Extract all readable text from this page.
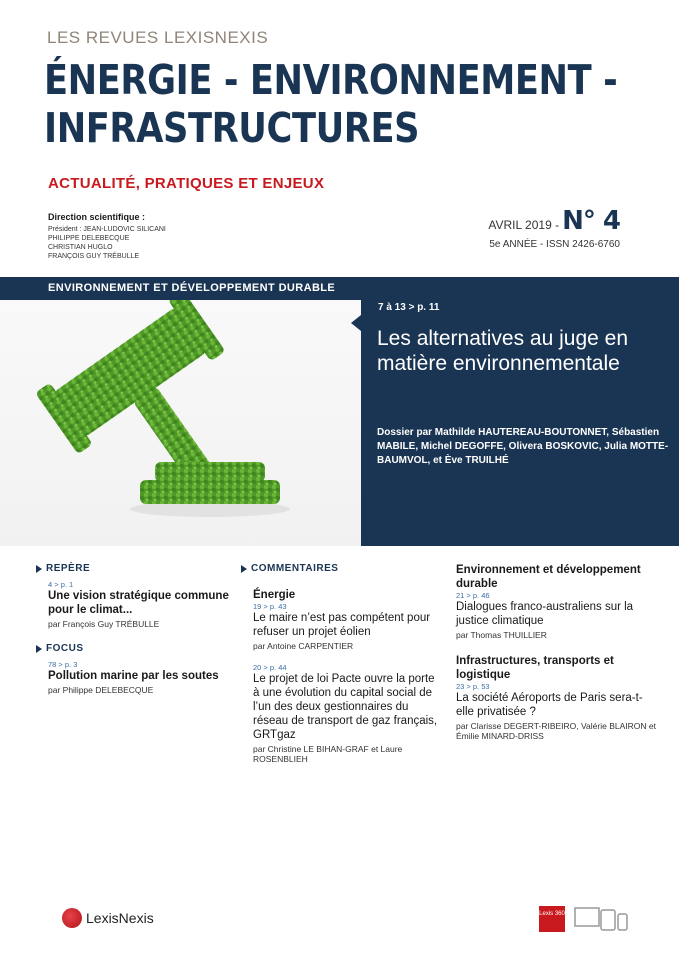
LES REVUES LEXISNEXIS
ÉNERGIE - ENVIRONNEMENT -
INFRASTRUCTURES
ACTUALITÉ, PRATIQUES ET ENJEUX
Direction scientifique :
Président : JEAN-LUDOVIC SILICANI
PHILIPPE DELEBECQUE
CHRISTIAN HUGLO
FRANÇOIS GUY TRÉBULLE
AVRIL 2019 - N° 4
5e ANNÉE - ISSN 2426-6760
ENVIRONNEMENT ET DÉVELOPPEMENT DURABLE
7 à 13 > p. 11
Les alternatives au juge en matière environnementale
Dossier par Mathilde HAUTEREAU-BOUTONNET, Sébastien MABILE, Michel DEGOFFE, Olivera BOSKOVIC, Julia MOTTE-BAUMVOL, et Ève TRUILHÉ
REPÈRE
4 > p. 1
Une vision stratégique commune pour le climat...
par François Guy TRÉBULLE
FOCUS
78 > p. 3
Pollution marine par les soutes
par Philippe DELEBECQUE
COMMENTAIRES
Énergie
19 > p. 43
Le maire n’est pas compétent pour refuser un projet éolien
par Antoine CARPENTIER
20 > p. 44
Le projet de loi Pacte ouvre la porte à une évolution du capital social de l’un des deux gestionnaires du réseau de transport de gaz français, GRTgaz
par Christine LE BIHAN-GRAF et Laure ROSENBLIEH
Environnement et développement durable
21 > p. 46
Dialogues franco-australiens sur la justice climatique
par Thomas THUILLIER
Infrastructures, transports et logistique
23 > p. 53
La société Aéroports de Paris sera-t-elle privatisée ?
par Clarisse DEGERT-RIBEIRO, Valérie BLAIRON et Émilie MINARD-DRISS
LexisNexis	Lexis 360
